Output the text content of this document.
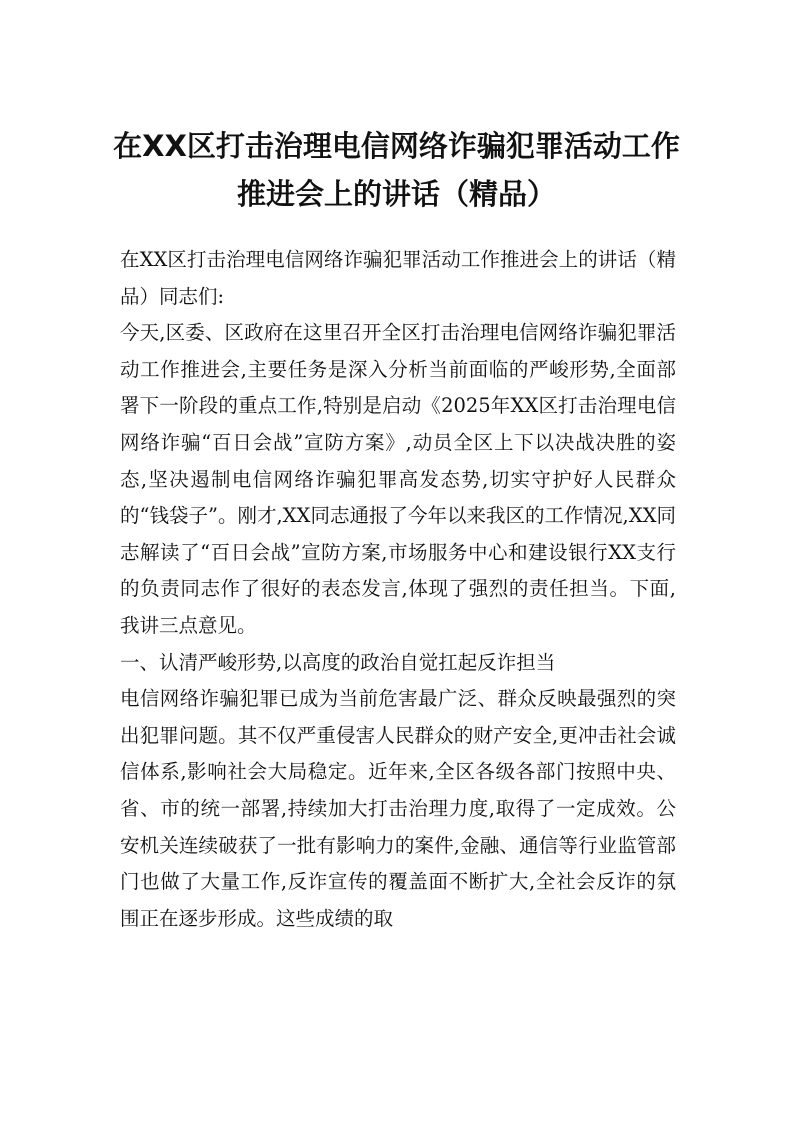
在XX区打击治理电信网络诈骗犯罪活动工作推进会上的讲话（精品）

在XX区打击治理电信网络诈骗犯罪活动工作推进会上的讲话（精品）同志们:

今天,区委、区政府在这里召开全区打击治理电信网络诈骗犯罪活动工作推进会,主要任务是深入分析当前面临的严峻形势,全面部署下一阶段的重点工作,特别是启动《2025年XX区打击治理电信网络诈骗“百日会战”宣防方案》,动员全区上下以决战决胜的姿态,坚决遏制电信网络诈骗犯罪高发态势,切实守护好人民群众的“钱袋子”。刚才,XX同志通报了今年以来我区的工作情况,XX同志解读了“百日会战”宣防方案,市场服务中心和建设银行XX支行的负责同志作了很好的表态发言,体现了强烈的责任担当。下面,我讲三点意见。

一、认清严峻形势,以高度的政治自觉扛起反诈担当

电信网络诈骗犯罪已成为当前危害最广泛、群众反映最强烈的突出犯罪问题。其不仅严重侵害人民群众的财产安全,更冲击社会诚信体系,影响社会大局稳定。近年来,全区各级各部门按照中央、省、市的统一部署,持续加大打击治理力度,取得了一定成效。公安机关连续破获了一批有影响力的案件,金融、通信等行业监管部门也做了大量工作,反诈宣传的覆盖面不断扩大,全社会反诈的氛围正在逐步形成。这些成绩的取
